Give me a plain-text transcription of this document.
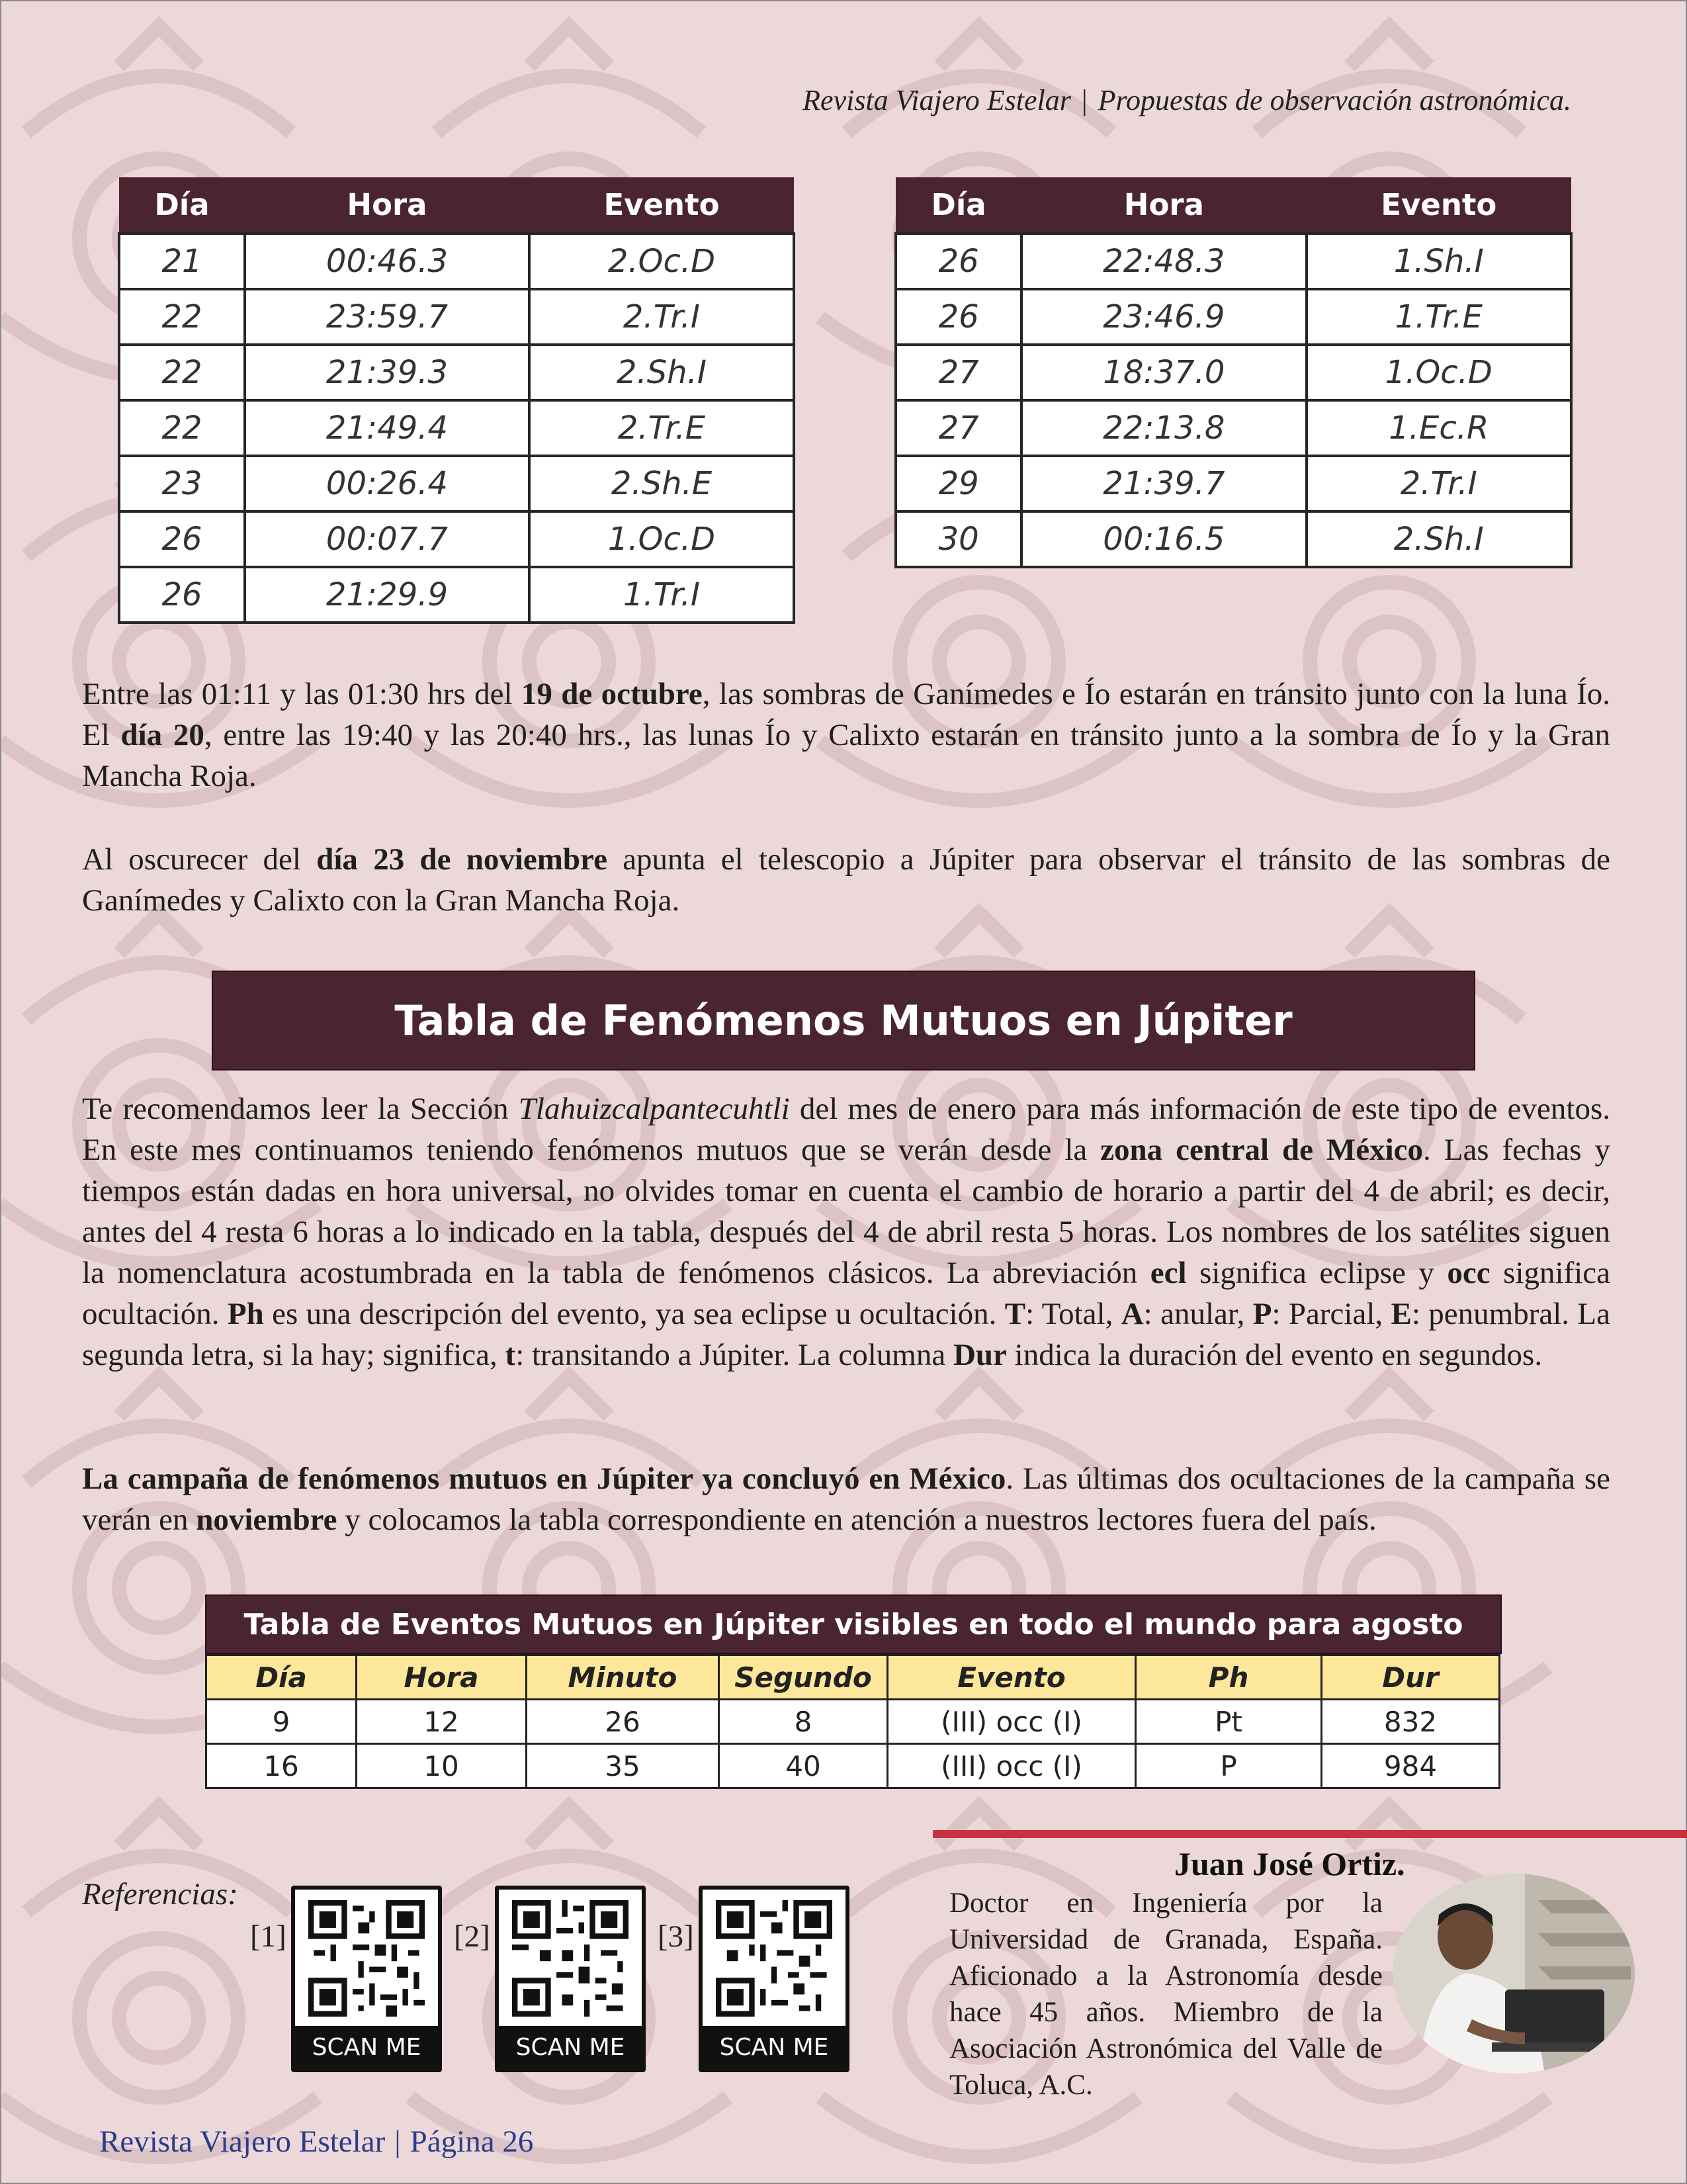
Revista Viajero Estelar | Propuestas de observación astronómica.
Día	Hora	Evento
21	00:46.3	2.Oc.D
22	23:59.7	2.Tr.I
22	21:39.3	2.Sh.I
22	21:49.4	2.Tr.E
23	00:26.4	2.Sh.E
26	00:07.7	1.Oc.D
26	21:29.9	1.Tr.I
Día	Hora	Evento
26	22:48.3	1.Sh.I
26	23:46.9	1.Tr.E
27	18:37.0	1.Oc.D
27	22:13.8	1.Ec.R
29	21:39.7	2.Tr.I
30	00:16.5	2.Sh.I
Entre las 01:11 y las 01:30 hrs del 19 de octubre, las sombras de Ganímedes e Ío estarán en tránsito junto con la luna Ío. El día 20, entre las 19:40 y las 20:40 hrs., las lunas Ío y Calixto estarán en tránsito junto a la sombra de Ío y la Gran Mancha Roja.
Al oscurecer del día 23 de noviembre apunta el telescopio a Júpiter para observar el tránsito de las sombras de Ganímedes y Calixto con la Gran Mancha Roja.
Tabla de Fenómenos Mutuos en Júpiter
Te recomendamos leer la Sección Tlahuizcalpantecuhtli del mes de enero para más información de este tipo de eventos. En este mes continuamos teniendo fenómenos mutuos que se verán desde la zona central de México. Las fechas y tiempos están dadas en hora universal, no olvides tomar en cuenta el cambio de horario a partir del 4 de abril; es decir, antes del 4 resta 6 horas a lo indicado en la tabla, después del 4 de abril resta 5 horas. Los nombres de los satélites siguen la nomenclatura acostumbrada en la tabla de fenómenos clásicos. La abreviación ecl significa eclipse y occ significa ocultación. Ph es una descripción del evento, ya sea eclipse u ocultación. T: Total, A: anular, P: Parcial, E: penumbral. La segunda letra, si la hay; significa, t: transitando a Júpiter. La columna Dur indica la duración del evento en segundos.
La campaña de fenómenos mutuos en Júpiter ya concluyó en México. Las últimas dos ocultaciones de la campaña se verán en noviembre y colocamos la tabla correspondiente en atención a nuestros lectores fuera del país.
Tabla de Eventos Mutuos en Júpiter visibles en todo el mundo para agosto
Día	Hora	Minuto	Segundo	Evento	Ph	Dur
9	12	26	8	(III) occ (I)	Pt	832
16	10	35	40	(III) occ (I)	P	984
Referencias:
[1]
SCAN ME
[2]
SCAN ME
[3]
SCAN ME
Juan José Ortiz.
Doctor en Ingeniería por la Universidad de Granada, España. Aficionado a la Astronomía desde hace 45 años. Miembro de la Asociación Astronómica del Valle de Toluca, A.C.
Revista Viajero Estelar | Página 26
